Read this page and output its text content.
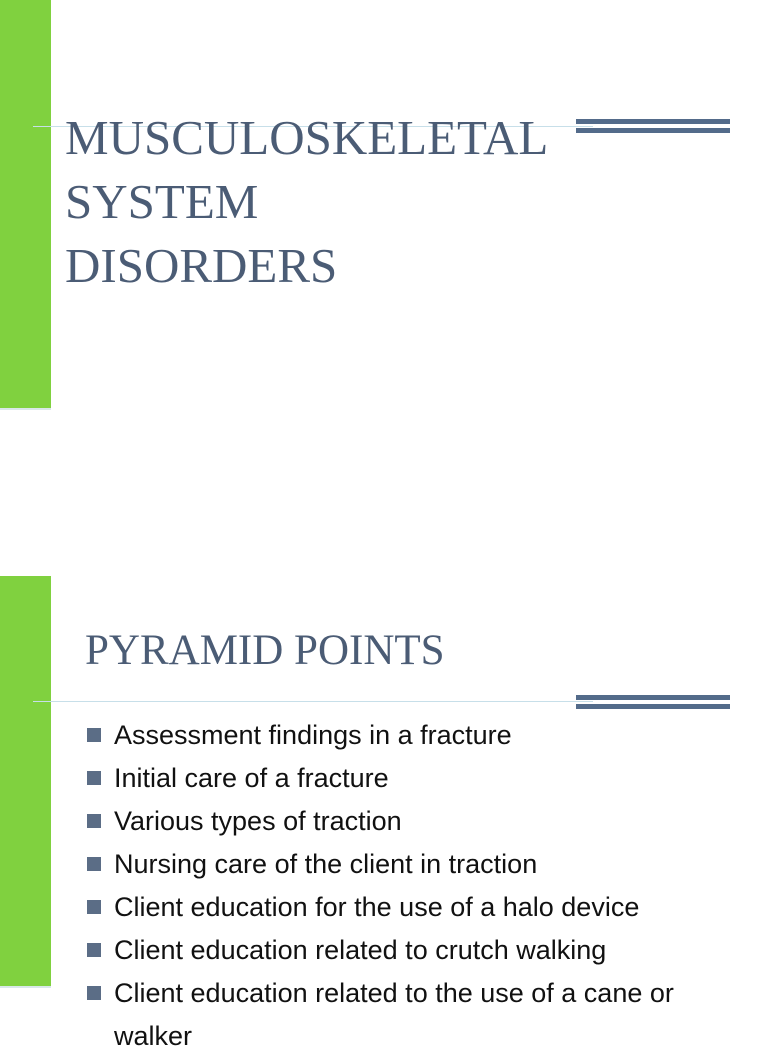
MUSCULOSKELETAL
SYSTEM
DISORDERS
PYRAMID POINTS
Assessment findings in a fracture
Initial care of a fracture
Various types of traction
Nursing care of the client in traction
Client education for the use of a halo device
Client education related to crutch walking
Client education related to the use of a cane or walker
